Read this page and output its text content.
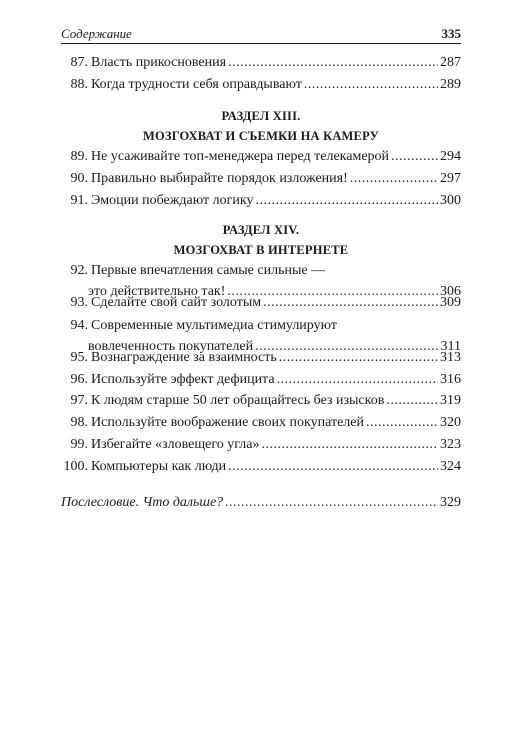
Содержание	335
87. Власть прикосновения .....	287
88. Когда трудности себя оправдывают .....	289
РАЗДЕЛ XIII.
МОЗГОХВАТ И СЪЕМКИ НА КАМЕРУ
89. Не усаживайте топ-менеджера перед телекамерой .....	294
90. Правильно выбирайте порядок изложения! .....	297
91. Эмоции побеждают логику .....	300
РАЗДЕЛ XIV.
МОЗГОХВАТ В ИНТЕРНЕТЕ
92. Первые впечатления самые сильные —
это действительно так! .....	306
93. Сделайте свой сайт золотым .....	309
94. Современные мультимедиа стимулируют
вовлеченность покупателей .....	311
95. Вознаграждение за взаимность .....	313
96. Используйте эффект дефицита .....	316
97. К людям старше 50 лет обращайтесь без изысков .....	319
98. Используйте воображение своих покупателей .....	320
99. Избегайте «зловещего угла» .....	323
100. Компьютеры как люди .....	324
Послесловие. Что дальше? .....	329
